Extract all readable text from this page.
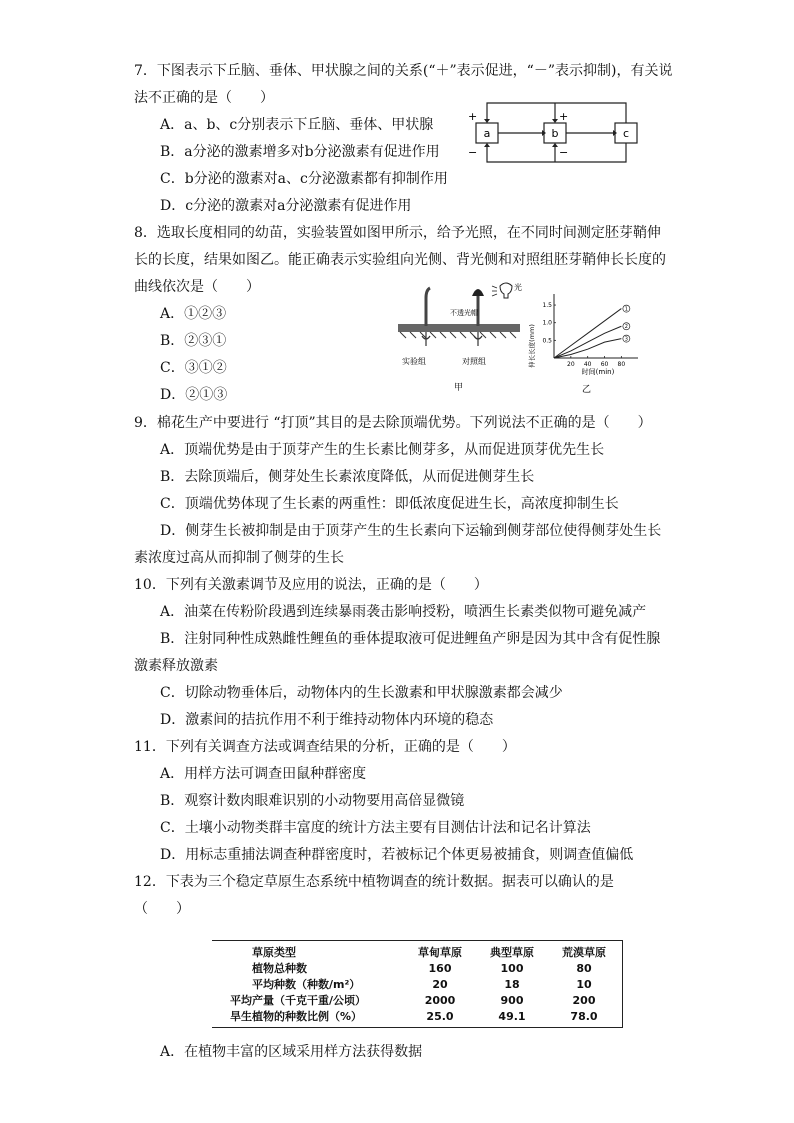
7．下图表示下丘脑、垂体、甲状腺之间的关系(“＋”表示促进，“－”表示抑制)，有关说
法不正确的是（　　）
A．a、b、c分别表示下丘脑、垂体、甲状腺
B．a分泌的激素增多对b分泌激素有促进作用
C．b分泌的激素对a、c分泌激素都有抑制作用
D．c分泌的激素对a分泌激素有促进作用
a	b	c
+	+
−	−
8．选取长度相同的幼苗，实验装置如图甲所示，给予光照，在不同时间测定胚芽鞘伸
长的长度，结果如图乙。能正确表示实验组向光侧、背光侧和对照组胚芽鞘伸长长度的
曲线依次是（　　）
A．①②③
B．②③①
C．③①②
D．②①③
光
不透光帽
实验组	对照组
甲
1
2
3
0.5
1.0
1.5
20 40 60 80
伸长长度(mm)
时间(min)
乙
9．棉花生产中要进行 “打顶”其目的是去除顶端优势。下列说法不正确的是（　　）
A．顶端优势是由于顶芽产生的生长素比侧芽多，从而促进顶芽优先生长
B．去除顶端后，侧芽处生长素浓度降低，从而促进侧芽生长
C．顶端优势体现了生长素的两重性：即低浓度促进生长，高浓度抑制生长
D．侧芽生长被抑制是由于顶芽产生的生长素向下运输到侧芽部位使得侧芽处生长
素浓度过高从而抑制了侧芽的生长
10．下列有关激素调节及应用的说法，正确的是（　　）
A．油菜在传粉阶段遇到连续暴雨袭击影响授粉，喷洒生长素类似物可避免减产
B．注射同种性成熟雌性鲤鱼的垂体提取液可促进鲤鱼产卵是因为其中含有促性腺
激素释放激素
C．切除动物垂体后，动物体内的生长激素和甲状腺激素都会减少
D．激素间的拮抗作用不利于维持动物体内环境的稳态
11．下列有关调查方法或调查结果的分析，正确的是（　　）
A．用样方法可调查田鼠种群密度
B．观察计数肉眼难识别的小动物要用高倍显微镜
C．土壤小动物类群丰富度的统计方法主要有目测估计法和记名计算法
D．用标志重捕法调查种群密度时，若被标记个体更易被捕食，则调查值偏低
12．下表为三个稳定草原生态系统中植物调查的统计数据。据表可以确认的是
（　　）
草原类型	草甸草原	典型草原	荒漠草原
植物总种数	160	100	80
平均种数（种数/m²）	20	18	10
平均产量（千克干重/公顷）	2000	900	200
旱生植物的种数比例（%）	25.0	49.1	78.0
A．在植物丰富的区域采用样方法获得数据
